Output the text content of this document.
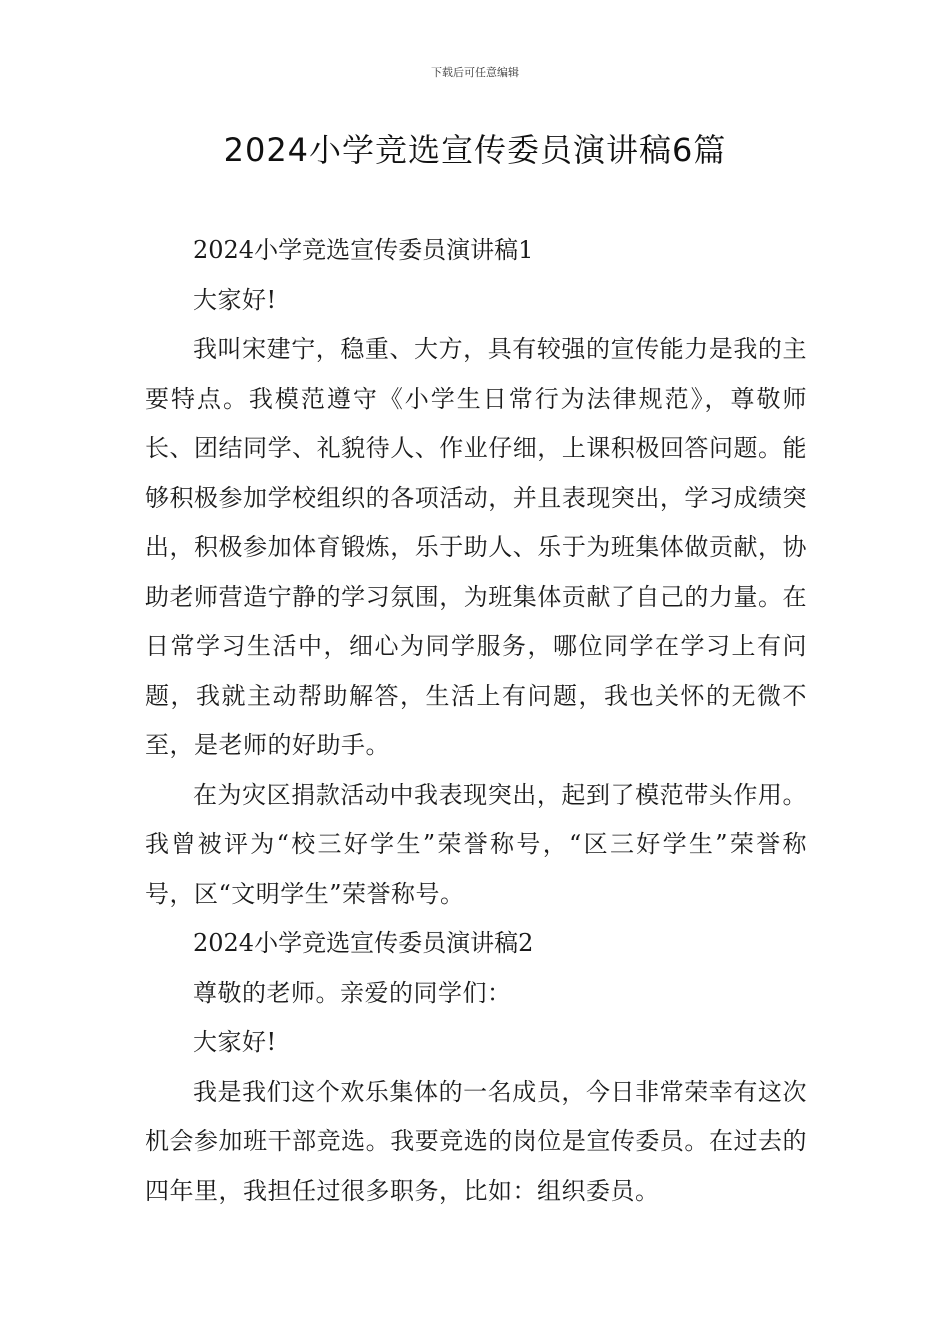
下载后可任意编辑
2024小学竞选宣传委员演讲稿6篇

2024小学竞选宣传委员演讲稿1

大家好!

我叫宋建宁，稳重、大方，具有较强的宣传能力是我的主要特点。我模范遵守《小学生日常行为法律规范》，尊敬师长、团结同学、礼貌待人、作业仔细，上课积极回答问题。能够积极参加学校组织的各项活动，并且表现突出，学习成绩突出，积极参加体育锻炼，乐于助人、乐于为班集体做贡献，协助老师营造宁静的学习氛围，为班集体贡献了自己的力量。在日常学习生活中，细心为同学服务，哪位同学在学习上有问题，我就主动帮助解答，生活上有问题，我也关怀的无微不至，是老师的好助手。

在为灾区捐款活动中我表现突出，起到了模范带头作用。我曾被评为“校三好学生”荣誉称号，“区三好学生”荣誉称号，区“文明学生”荣誉称号。

2024小学竞选宣传委员演讲稿2

尊敬的老师。亲爱的同学们：

大家好!

我是我们这个欢乐集体的一名成员，今日非常荣幸有这次机会参加班干部竞选。我要竞选的岗位是宣传委员。在过去的四年里，我担任过很多职务，比如：组织委员。
